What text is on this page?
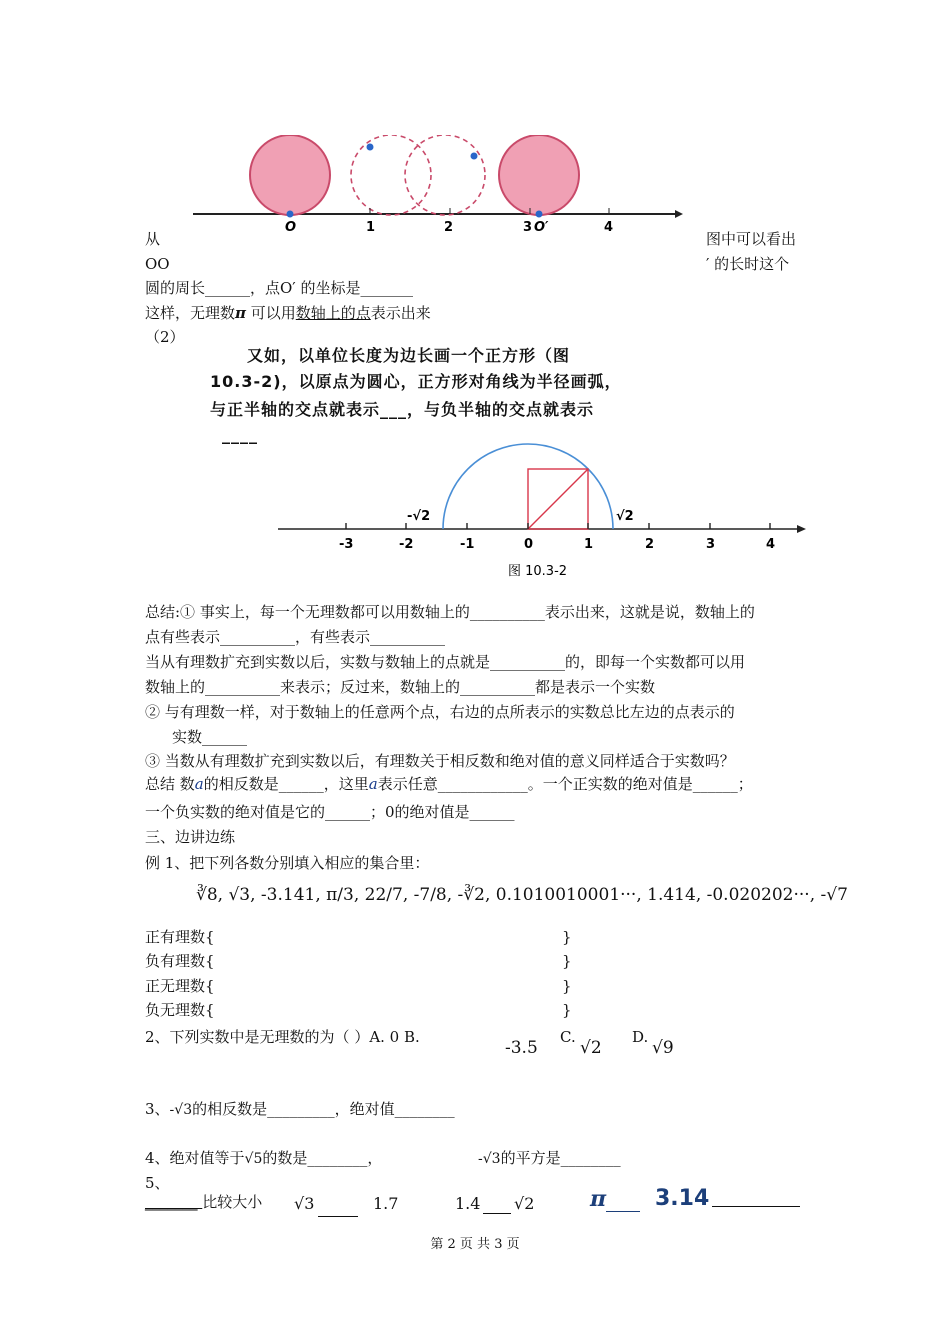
O	1	2	3 O′	4
从	图中可以看出
OO	′ 的长时这个
圆的周长______，点O′ 的坐标是_______
这样，无理数π 可以用数轴上的点表示出来
（2）
又如，以单位长度为边长画一个正方形（图
10.3-2)，以原点为圆心，正方形对角线为半径画弧，
与正半轴的交点就表示___，与负半轴的交点就表示
____
-√2	√2
-3	-2	-1	0	1	2	3	4
图 10.3-2
总结:① 事实上，每一个无理数都可以用数轴上的__________表示出来，这就是说，数轴上的
点有些表示__________，有些表示__________
当从有理数扩充到实数以后，实数与数轴上的点就是__________的，即每一个实数都可以用
数轴上的__________来表示；反过来，数轴上的__________都是表示一个实数
② 与有理数一样，对于数轴上的任意两个点，右边的点所表示的实数总比左边的点表示的
实数______
③ 当数从有理数扩充到实数以后，有理数关于相反数和绝对值的意义同样适合于实数吗？
总结 数a的相反数是______，这里a表示任意____________。一个正实数的绝对值是______；
一个负实数的绝对值是它的______；0的绝对值是______
三、边讲边练
例 1、把下列各数分别填入相应的集合里：
∛8, √3, -3.141, π/3, 22/7, -7/8, -∛2, 0.1010010001···, 1.414, -0.020202···, -√7
正有理数{	}
负有理数{	}
正无理数{	}
负无理数{	}
2、下列实数中是无理数的为（ ）A. 0 B.
-3.5
C.
√2
D.
√9
3、-√3的相反数是_________，绝对值________
4、绝对值等于√5的数是________，	-√3的平方是________
5、
_______ 比较大小 √3	1.7	1.4 √2	π 3.14
第 2 页 共 3 页
